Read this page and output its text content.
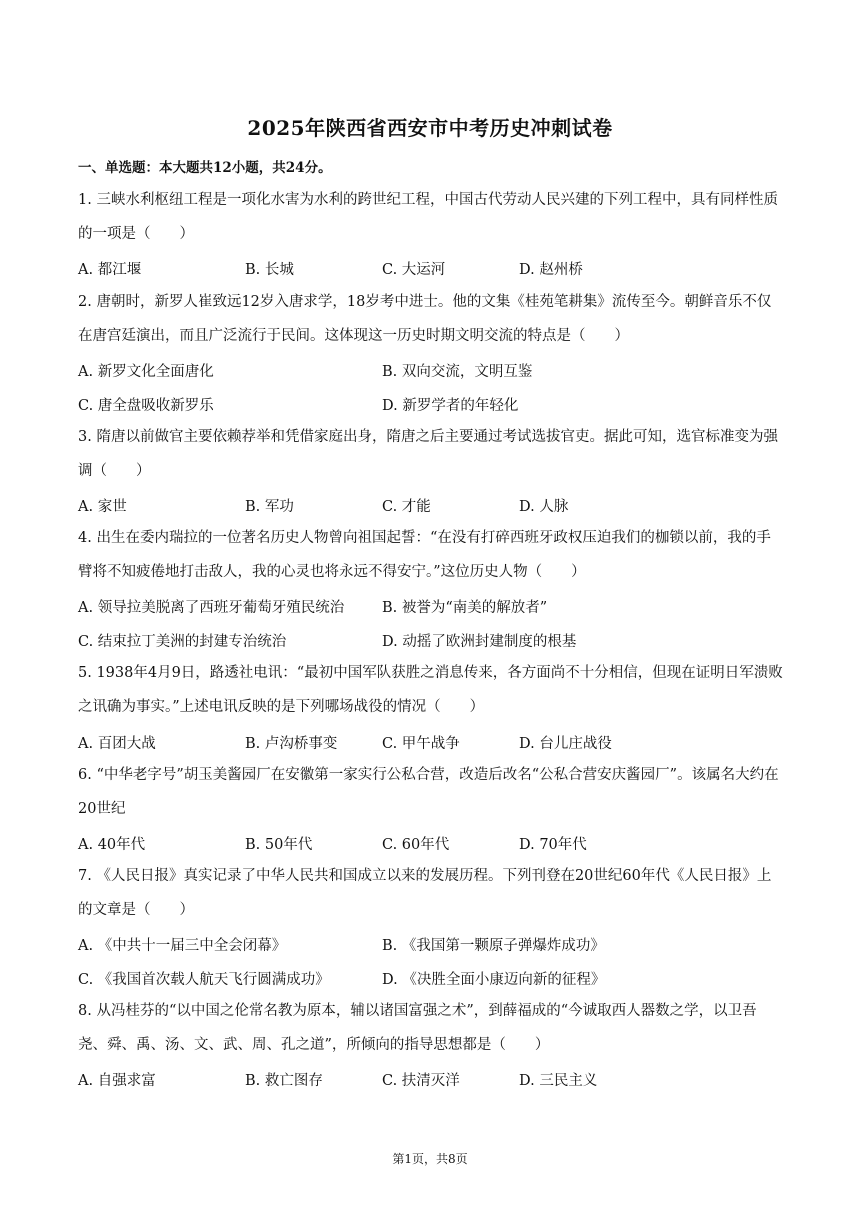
2025年陕西省西安市中考历史冲刺试卷
一、单选题：本大题共12小题，共24分。
1. 三峡水利枢纽工程是一项化水害为水利的跨世纪工程，中国古代劳动人民兴建的下列工程中，具有同样性质的一项是（　　）
A. 都江堰	B. 长城	C. 大运河	D. 赵州桥
2. 唐朝时，新罗人崔致远12岁入唐求学，18岁考中进士。他的文集《桂苑笔耕集》流传至今。朝鲜音乐不仅在唐宫廷演出，而且广泛流行于民间。这体现这一历史时期文明交流的特点是（　　）
A. 新罗文化全面唐化	B. 双向交流，文明互鉴
C. 唐全盘吸收新罗乐	D. 新罗学者的年轻化
3. 隋唐以前做官主要依赖荐举和凭借家庭出身，隋唐之后主要通过考试选拔官吏。据此可知，选官标准变为强调（　　）
A. 家世	B. 军功	C. 才能	D. 人脉
4. 出生在委内瑞拉的一位著名历史人物曾向祖国起誓：“在没有打碎西班牙政权压迫我们的枷锁以前，我的手臂将不知疲倦地打击敌人，我的心灵也将永远不得安宁。”这位历史人物（　　）
A. 领导拉美脱离了西班牙葡萄牙殖民统治	B. 被誉为“南美的解放者”
C. 结束拉丁美洲的封建专治统治	D. 动摇了欧洲封建制度的根基
5. 1938年4月9日，路透社电讯：“最初中国军队获胜之消息传来，各方面尚不十分相信，但现在证明日军溃败之讯确为事实。”上述电讯反映的是下列哪场战役的情况（　　）
A. 百团大战	B. 卢沟桥事变	C. 甲午战争	D. 台儿庄战役
6. “中华老字号”胡玉美酱园厂在安徽第一家实行公私合营，改造后改名“公私合营安庆酱园厂”。该属名大约在20世纪
A. 40年代	B. 50年代	C. 60年代	D. 70年代
7. 《人民日报》真实记录了中华人民共和国成立以来的发展历程。下列刊登在20世纪60年代《人民日报》上的文章是（　　）
A. 《中共十一届三中全会闭幕》	B. 《我国第一颗原子弹爆炸成功》
C. 《我国首次载人航天飞行圆满成功》	D. 《决胜全面小康迈向新的征程》
8. 从冯桂芬的“以中国之伦常名教为原本，辅以诸国富强之术”，到薛福成的“今诚取西人器数之学，以卫吾尧、舜、禹、汤、文、武、周、孔之道”，所倾向的指导思想都是（　　）
A. 自强求富	B. 救亡图存	C. 扶清灭洋	D. 三民主义
第1页，共8页
